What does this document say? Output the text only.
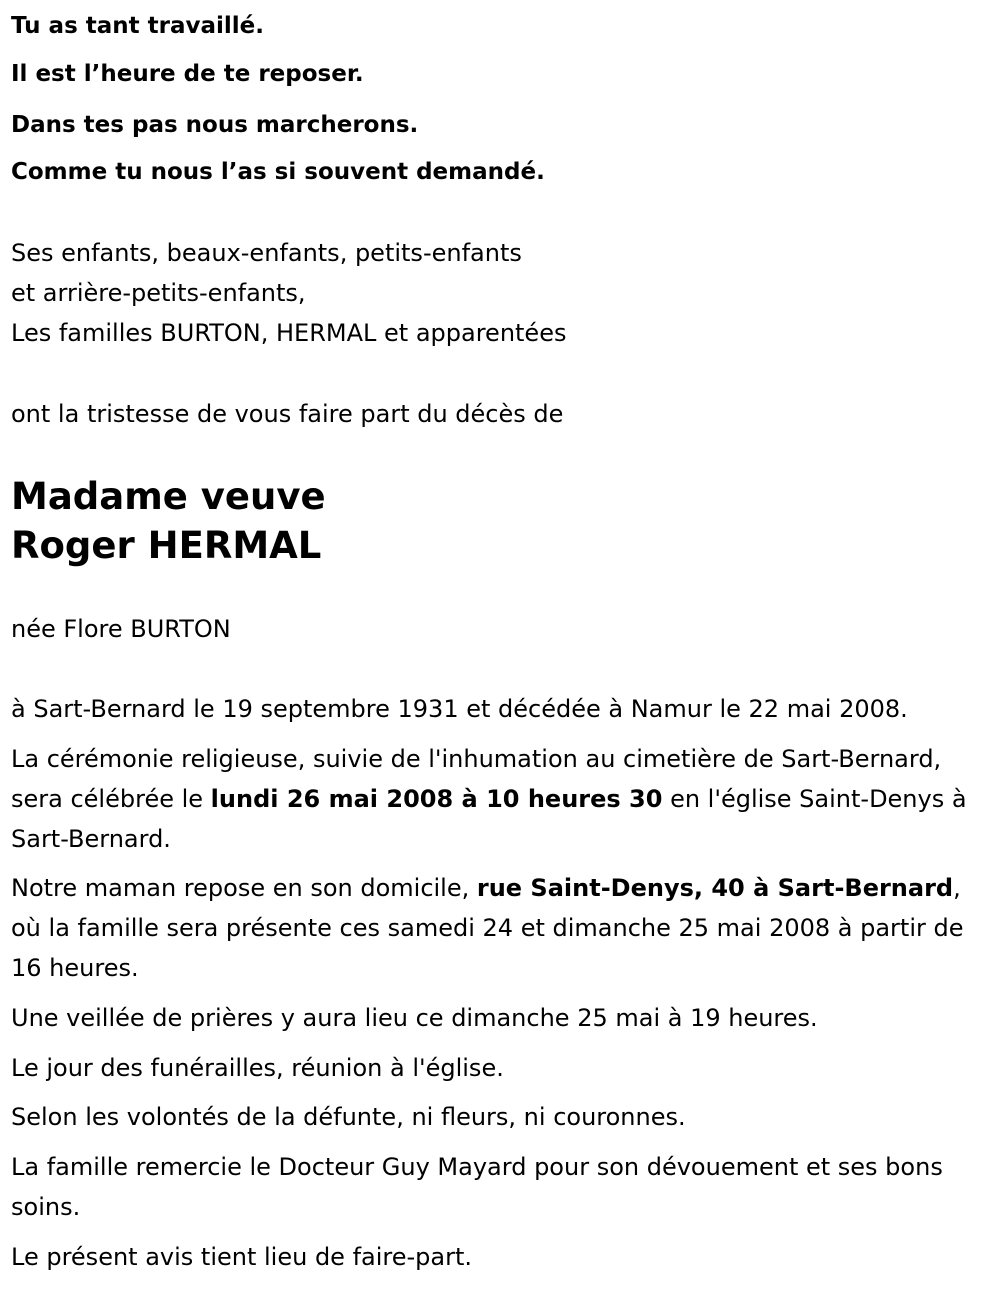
Tu as tant travaillé.

Il est l’heure de te reposer.

Dans tes pas nous marcherons.

Comme tu nous l’as si souvent demandé.

Ses enfants, beaux-enfants, petits-enfants
et arrière-petits-enfants,
Les familles BURTON, HERMAL et apparentées

ont la tristesse de vous faire part du décès de

Madame veuve
Roger HERMAL

née Flore BURTON

à Sart-Bernard le 19 septembre 1931 et décédée à Namur le 22 mai 2008.

La cérémonie religieuse, suivie de l'inhumation au cimetière de Sart-Bernard, sera célébrée le lundi 26 mai 2008 à 10 heures 30 en l'église Saint-Denys à Sart-Bernard.

Notre maman repose en son domicile, rue Saint-Denys, 40 à Sart-Bernard, où la famille sera présente ces samedi 24 et dimanche 25 mai 2008 à partir de 16 heures.

Une veillée de prières y aura lieu ce dimanche 25 mai à 19 heures.

Le jour des funérailles, réunion à l'église.

Selon les volontés de la défunte, ni fleurs, ni couronnes.

La famille remercie le Docteur Guy Mayard pour son dévouement et ses bons soins.

Le présent avis tient lieu de faire-part.
